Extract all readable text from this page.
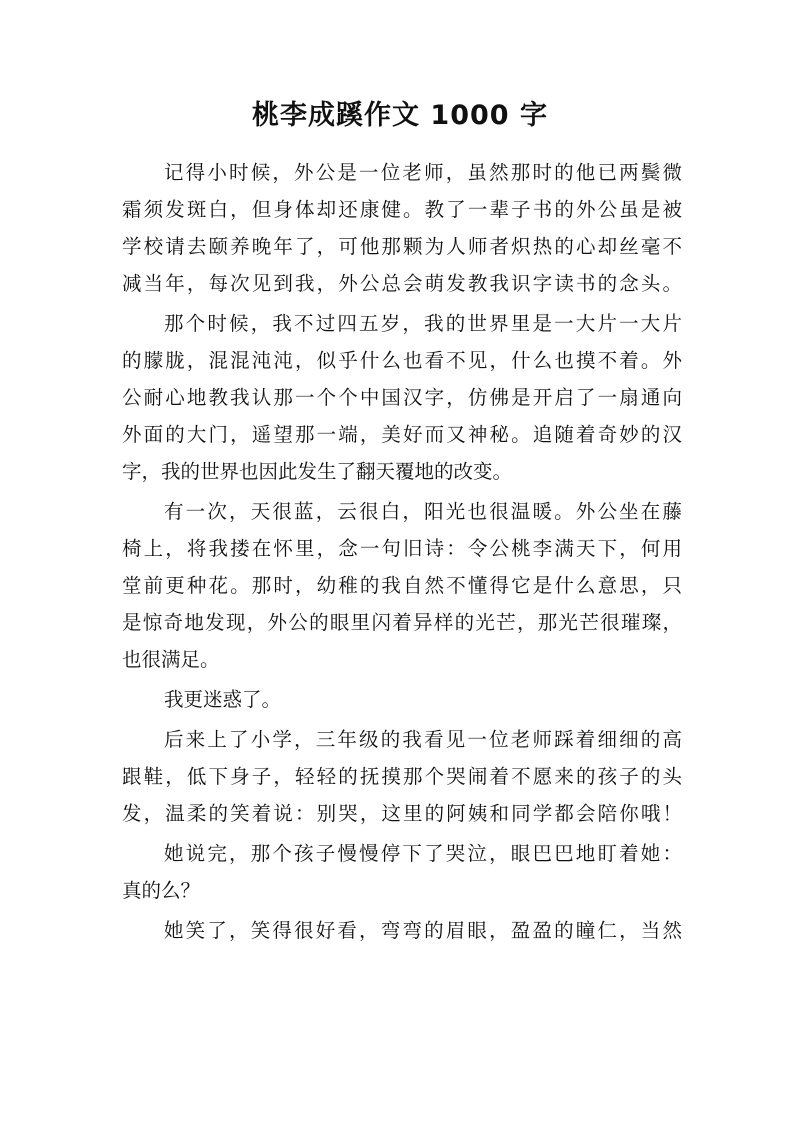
桃李成蹊作文 1000 字
记得小时候，外公是一位老师，虽然那时的他已两鬓微
霜须发斑白，但身体却还康健。教了一辈子书的外公虽是被
学校请去颐养晚年了，可他那颗为人师者炽热的心却丝毫不
减当年，每次见到我，外公总会萌发教我识字读书的念头。
那个时候，我不过四五岁，我的世界里是一大片一大片
的朦胧，混混沌沌，似乎什么也看不见，什么也摸不着。外
公耐心地教我认那一个个中国汉字，仿佛是开启了一扇通向
外面的大门，遥望那一端，美好而又神秘。追随着奇妙的汉
字，我的世界也因此发生了翻天覆地的改变。
有一次，天很蓝，云很白，阳光也很温暖。外公坐在藤
椅上，将我搂在怀里，念一句旧诗：令公桃李满天下，何用
堂前更种花。那时，幼稚的我自然不懂得它是什么意思，只
是惊奇地发现，外公的眼里闪着异样的光芒，那光芒很璀璨，
也很满足。
我更迷惑了。
后来上了小学，三年级的我看见一位老师踩着细细的高
跟鞋，低下身子，轻轻的抚摸那个哭闹着不愿来的孩子的头
发，温柔的笑着说：别哭，这里的阿姨和同学都会陪你哦！
她说完，那个孩子慢慢停下了哭泣，眼巴巴地盯着她：
真的么？
她笑了，笑得很好看，弯弯的眉眼，盈盈的瞳仁，当然
